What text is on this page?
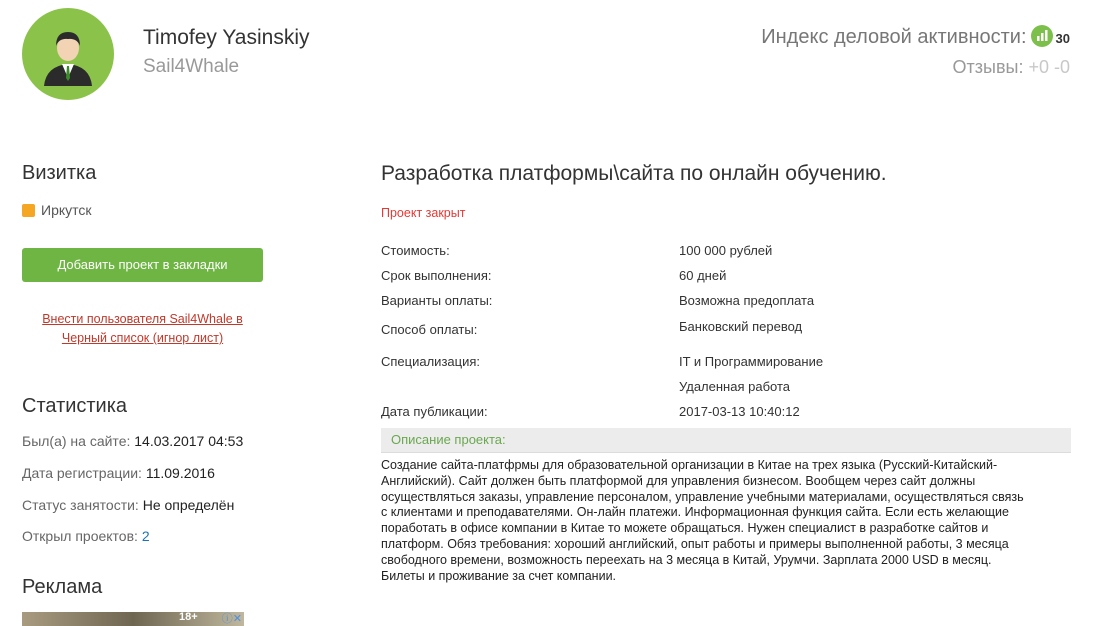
Timofey Yasinskiy
Sail4Whale
Индекс деловой активности: 30
Отзывы: +0 -0
Визитка
Иркутск
Добавить проект в закладки
Внести пользователя Sail4Whale в
Черный список (игнор лист)
Статистика
Был(а) на сайте: 14.03.2017 04:53
Дата регистрации: 11.09.2016
Статус занятости: Не определён
Открыл проектов: 2
Реклама
18+ ⓘ✕
Разработка платформы\сайта по онлайн обучению.
Проект закрыт
Стоимость:	100 000 рублей
Срок выполнения:	60 дней
Варианты оплаты:	Возможна предоплата
Способ оплаты:	Банковский перевод
Специализация:	IT и Программирование
Удаленная работа
Дата публикации:	2017-03-13 10:40:12
Описание проекта:
Создание сайта-платфрмы для образовательной организации в Китае на трех языка (Русский-Китайский-Английский). Сайт должен быть платформой для управления бизнесом. Вообщем через сайт должны осуществляться заказы, управление персоналом, управление учебными материалами, осуществляться связь с клиентами и преподавателями. Он-лайн платежи. Информационная функция сайта. Если есть желающие поработать в офисе компании в Китае то можете обращаться. Нужен специалист в разработке сайтов и платформ. Обяз требования: хороший английский, опыт работы и примеры выполненной работы, 3 месяца свободного времени, возможность переехать на 3 месяца в Китай, Урумчи. Зарплата 2000 USD в месяц. Билеты и проживание за счет компании.
